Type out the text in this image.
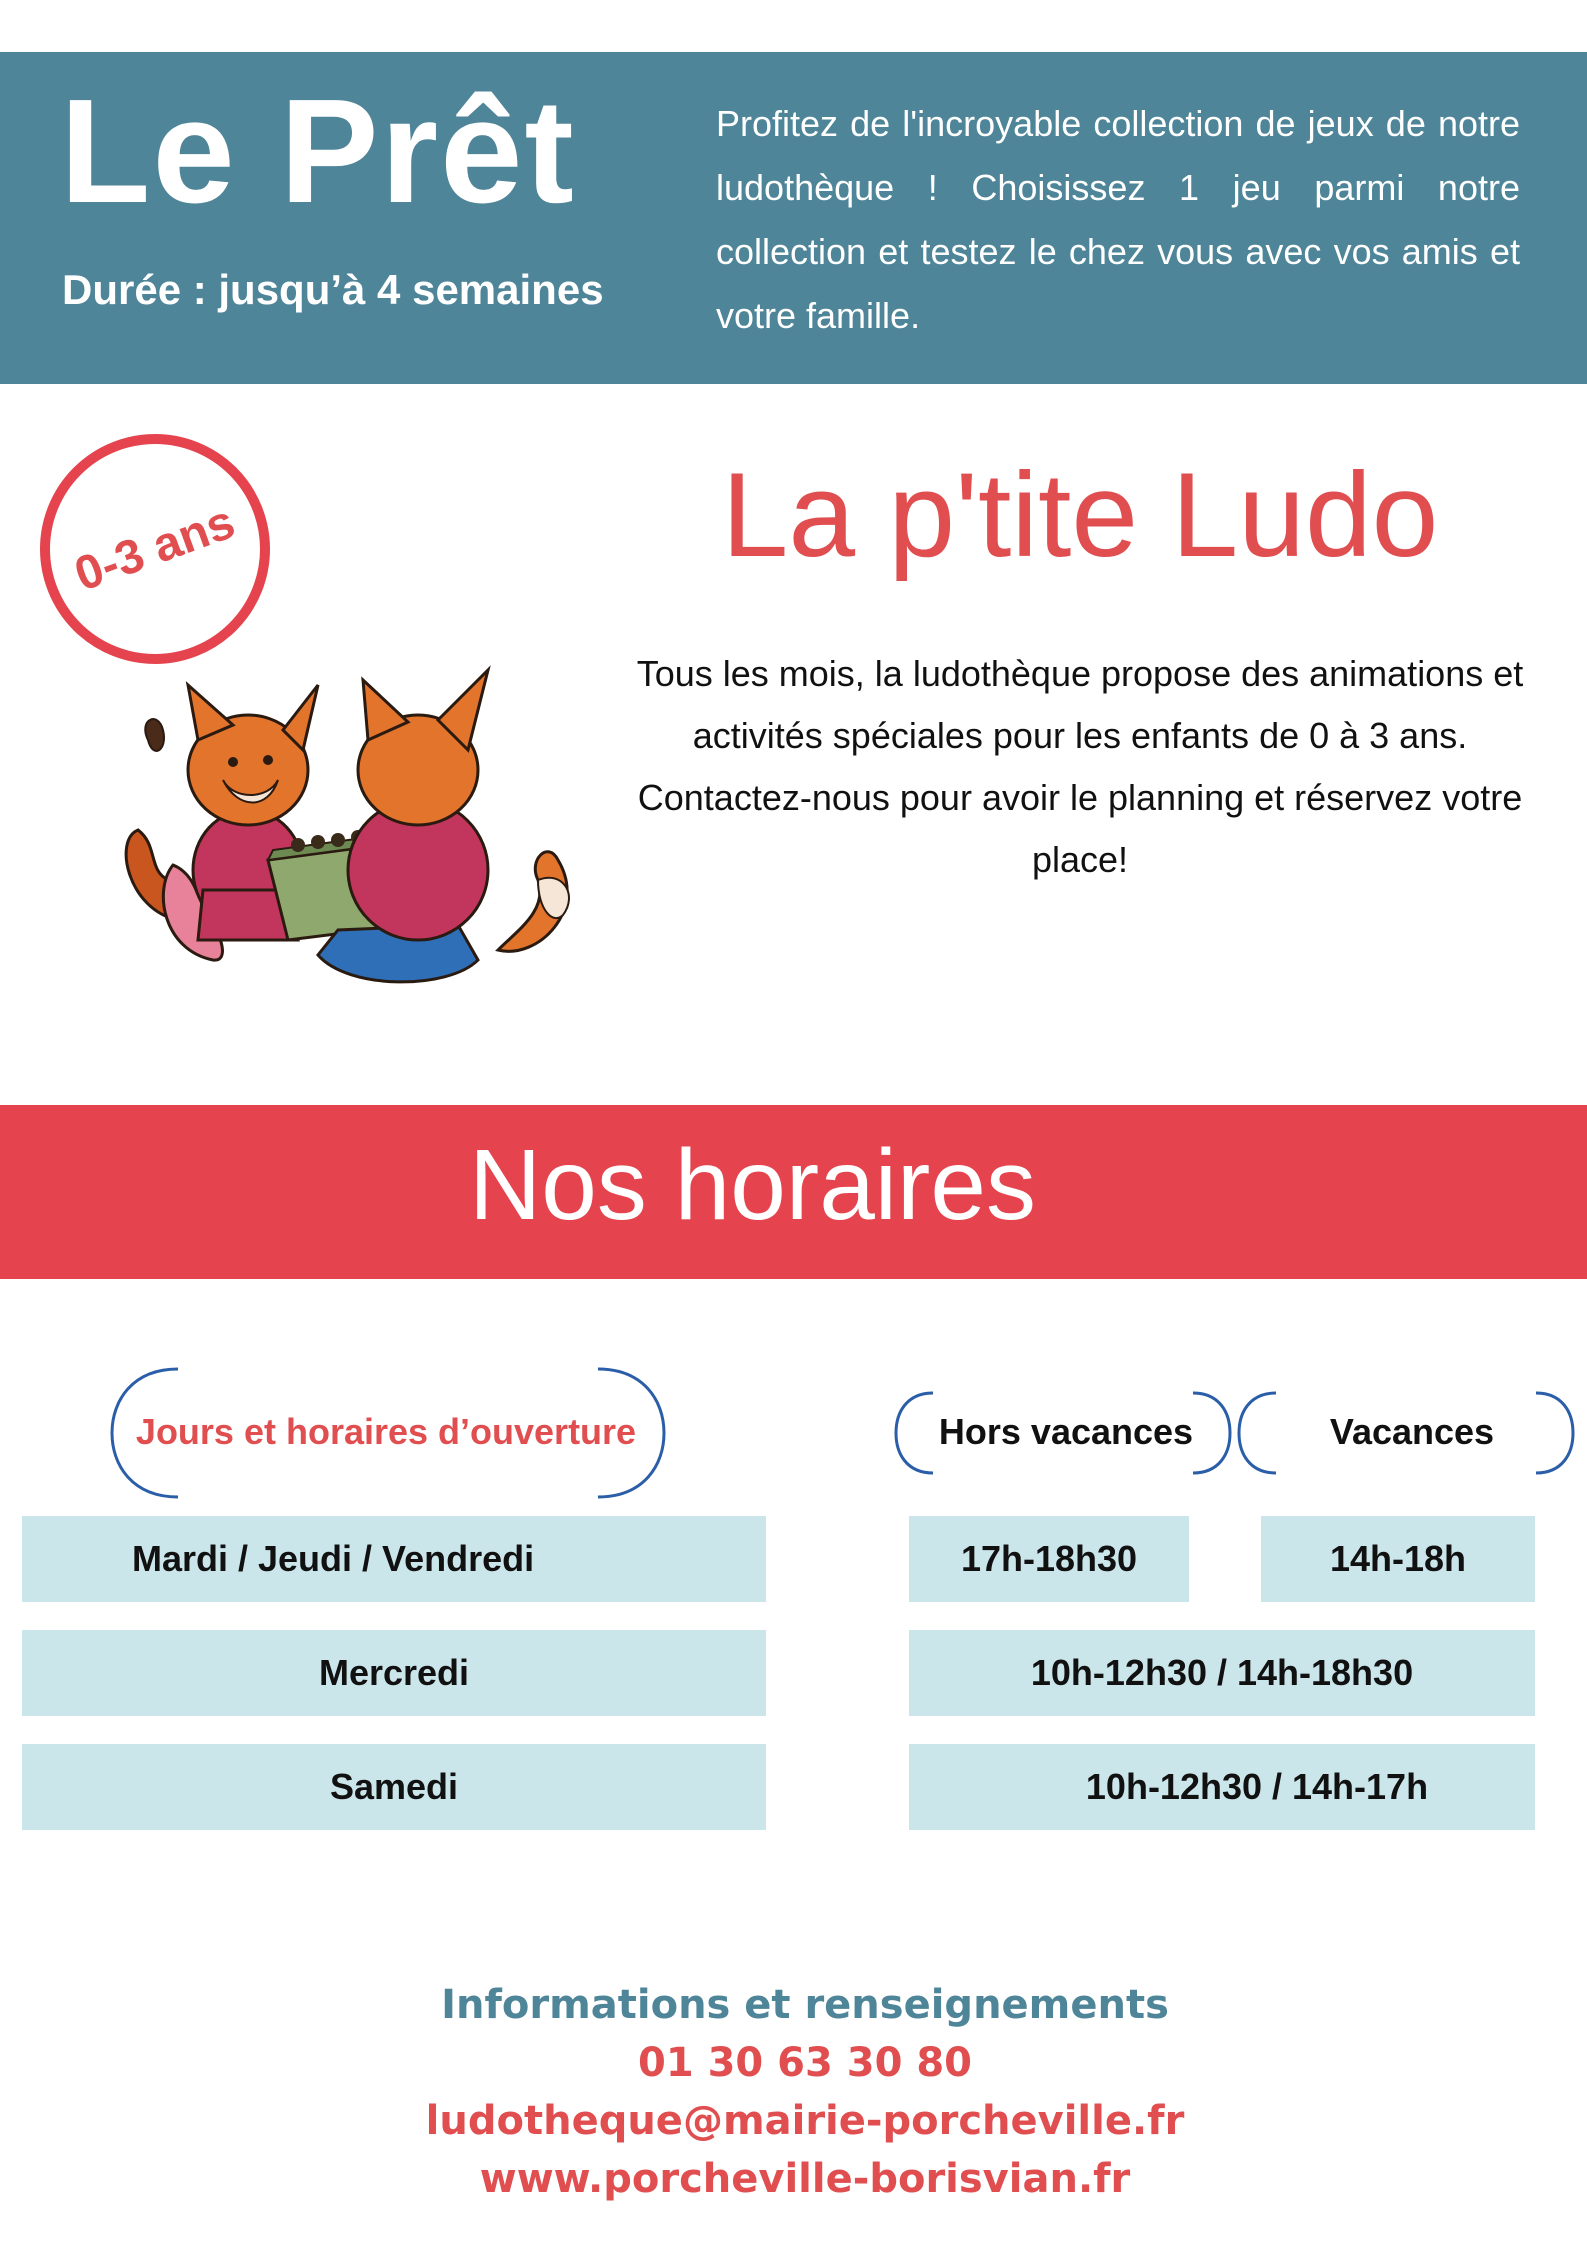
Le Prêt
Durée : jusqu’à 4 semaines
Profitez de l'incroyable collection de jeux de notre ludothèque ! Choisissez 1 jeu parmi notre collection et testez le chez vous avec vos amis et votre famille.
0-3 ans	La p'tite Ludo
Tous les mois, la ludothèque propose des animations et activités spéciales pour les enfants de 0 à 3 ans. Contactez-nous pour avoir le planning et réservez votre place!
Nos horaires
Jours et horaires d’ouverture	Hors vacances	Vacances
Mardi / Jeudi / Vendredi	17h-18h30	14h-18h
Mercredi	10h-12h30 / 14h-18h30
Samedi	10h-12h30 / 14h-17h
Informations et renseignements
01 30 63 30 80
ludotheque@mairie-porcheville.fr
www.porcheville-borisvian.fr
